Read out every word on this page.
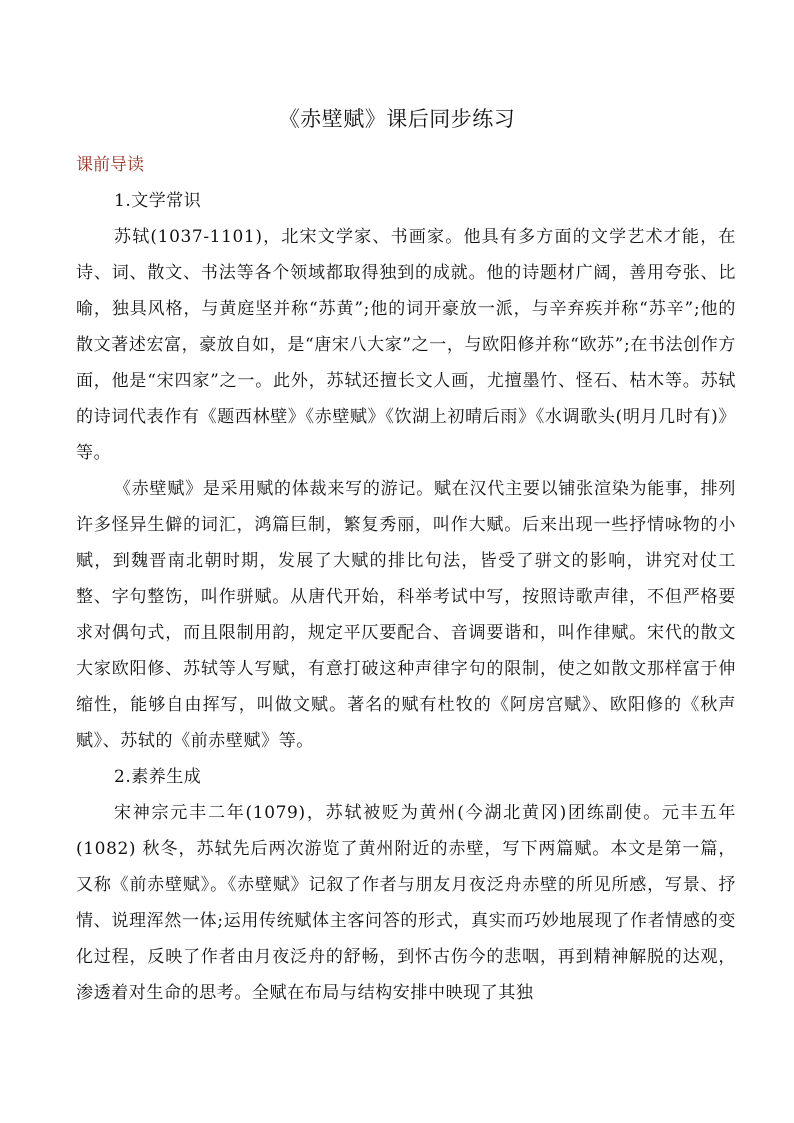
《赤壁赋》课后同步练习
课前导读

1.文学常识

苏轼(1037-1101)，北宋文学家、书画家。他具有多方面的文学艺术才能，在诗、词、散文、书法等各个领域都取得独到的成就。他的诗题材广阔，善用夸张、比喻，独具风格，与黄庭坚并称“苏黄”;他的词开豪放一派，与辛弃疾并称“苏辛”;他的散文著述宏富，豪放自如，是“唐宋八大家”之一，与欧阳修并称“欧苏”;在书法创作方面，他是“宋四家”之一。此外，苏轼还擅长文人画，尤擅墨竹、怪石、枯木等。苏轼的诗词代表作有《题西林壁》《赤壁赋》《饮湖上初晴后雨》《水调歌头(明月几时有)》等。

《赤壁赋》是采用赋的体裁来写的游记。赋在汉代主要以铺张渲染为能事，排列许多怪异生僻的词汇，鸿篇巨制，繁复秀丽，叫作大赋。后来出现一些抒情咏物的小赋，到魏晋南北朝时期，发展了大赋的排比句法，皆受了骈文的影响，讲究对仗工整、字句整饬，叫作骈赋。从唐代开始，科举考试中写，按照诗歌声律，不但严格要求对偶句式，而且限制用韵，规定平仄要配合、音调要谐和，叫作律赋。宋代的散文大家欧阳修、苏轼等人写赋，有意打破这种声律字句的限制，使之如散文那样富于伸缩性，能够自由挥写，叫做文赋。著名的赋有杜牧的《阿房宫赋》、欧阳修的《秋声赋》、苏轼的《前赤壁赋》等。

2.素养生成

宋神宗元丰二年(1079)，苏轼被贬为黄州(今湖北黄冈)团练副使。元丰五年(1082) 秋冬，苏轼先后两次游览了黄州附近的赤壁，写下两篇赋。本文是第一篇，又称《前赤壁赋》。《赤壁赋》记叙了作者与朋友月夜泛舟赤壁的所见所感，写景、抒情、说理浑然一体;运用传统赋体主客问答的形式，真实而巧妙地展现了作者情感的变化过程，反映了作者由月夜泛舟的舒畅，到怀古伤今的悲咽，再到精神解脱的达观，渗透着对生命的思考。全赋在布局与结构安排中映现了其独
